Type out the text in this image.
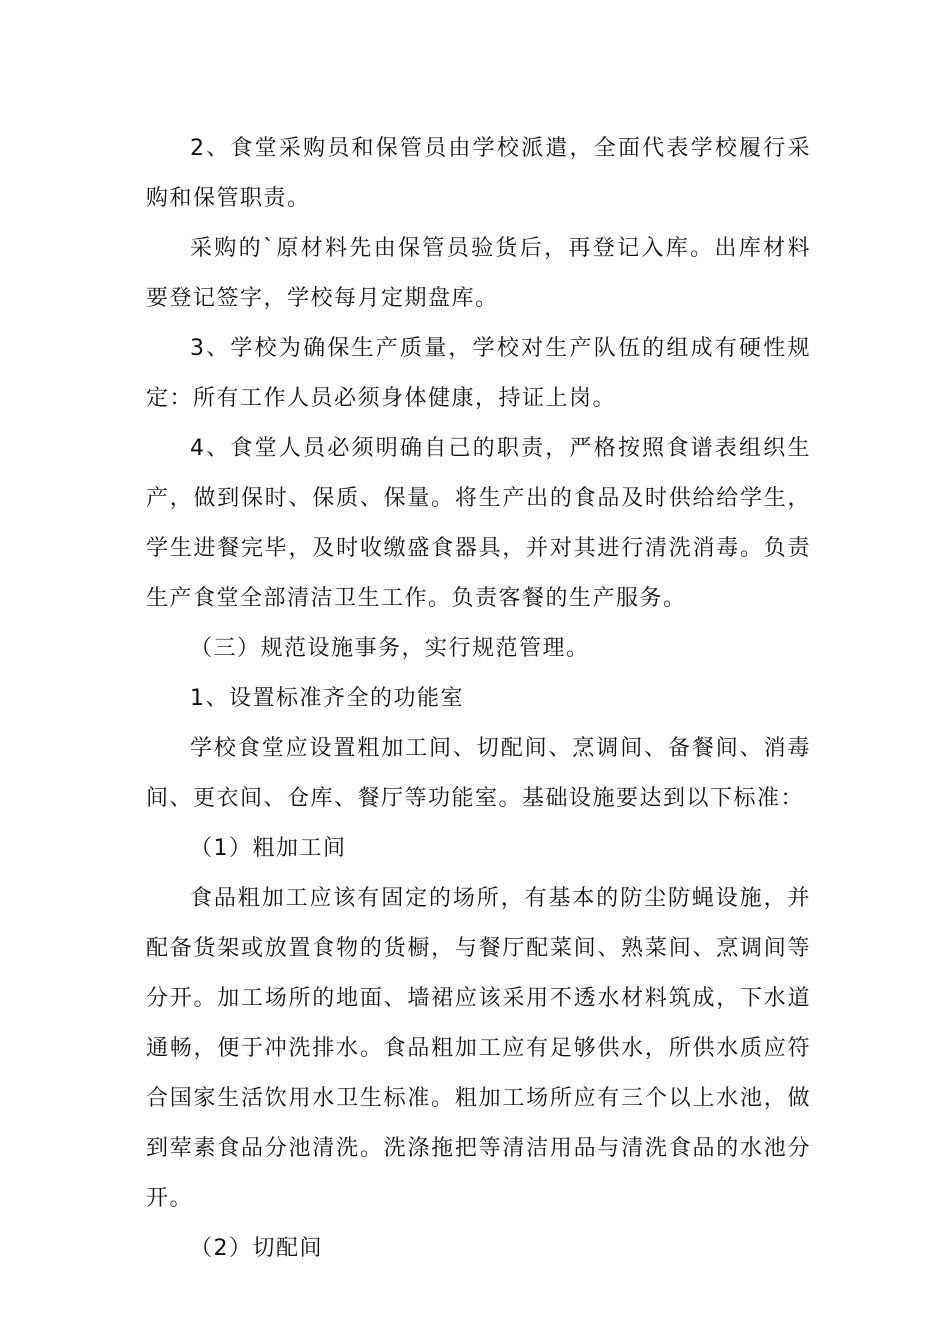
2、食堂采购员和保管员由学校派遣，全面代表学校履行采购和保管职责。

采购的`原材料先由保管员验货后，再登记入库。出库材料要登记签字，学校每月定期盘库。

3、学校为确保生产质量，学校对生产队伍的组成有硬性规定：所有工作人员必须身体健康，持证上岗。

4、食堂人员必须明确自己的职责，严格按照食谱表组织生产，做到保时、保质、保量。将生产出的食品及时供给给学生，学生进餐完毕，及时收缴盛食器具，并对其进行清洗消毒。负责生产食堂全部清洁卫生工作。负责客餐的生产服务。

（三）规范设施事务，实行规范管理。

1、设置标准齐全的功能室

学校食堂应设置粗加工间、切配间、烹调间、备餐间、消毒间、更衣间、仓库、餐厅等功能室。基础设施要达到以下标准：

（1）粗加工间

食品粗加工应该有固定的场所，有基本的防尘防蝇设施，并配备货架或放置食物的货橱，与餐厅配菜间、熟菜间、烹调间等分开。加工场所的地面、墙裙应该采用不透水材料筑成，下水道通畅，便于冲洗排水。食品粗加工应有足够供水，所供水质应符合国家生活饮用水卫生标准。粗加工场所应有三个以上水池，做到荤素食品分池清洗。洗涤拖把等清洁用品与清洗食品的水池分开。

（2）切配间
